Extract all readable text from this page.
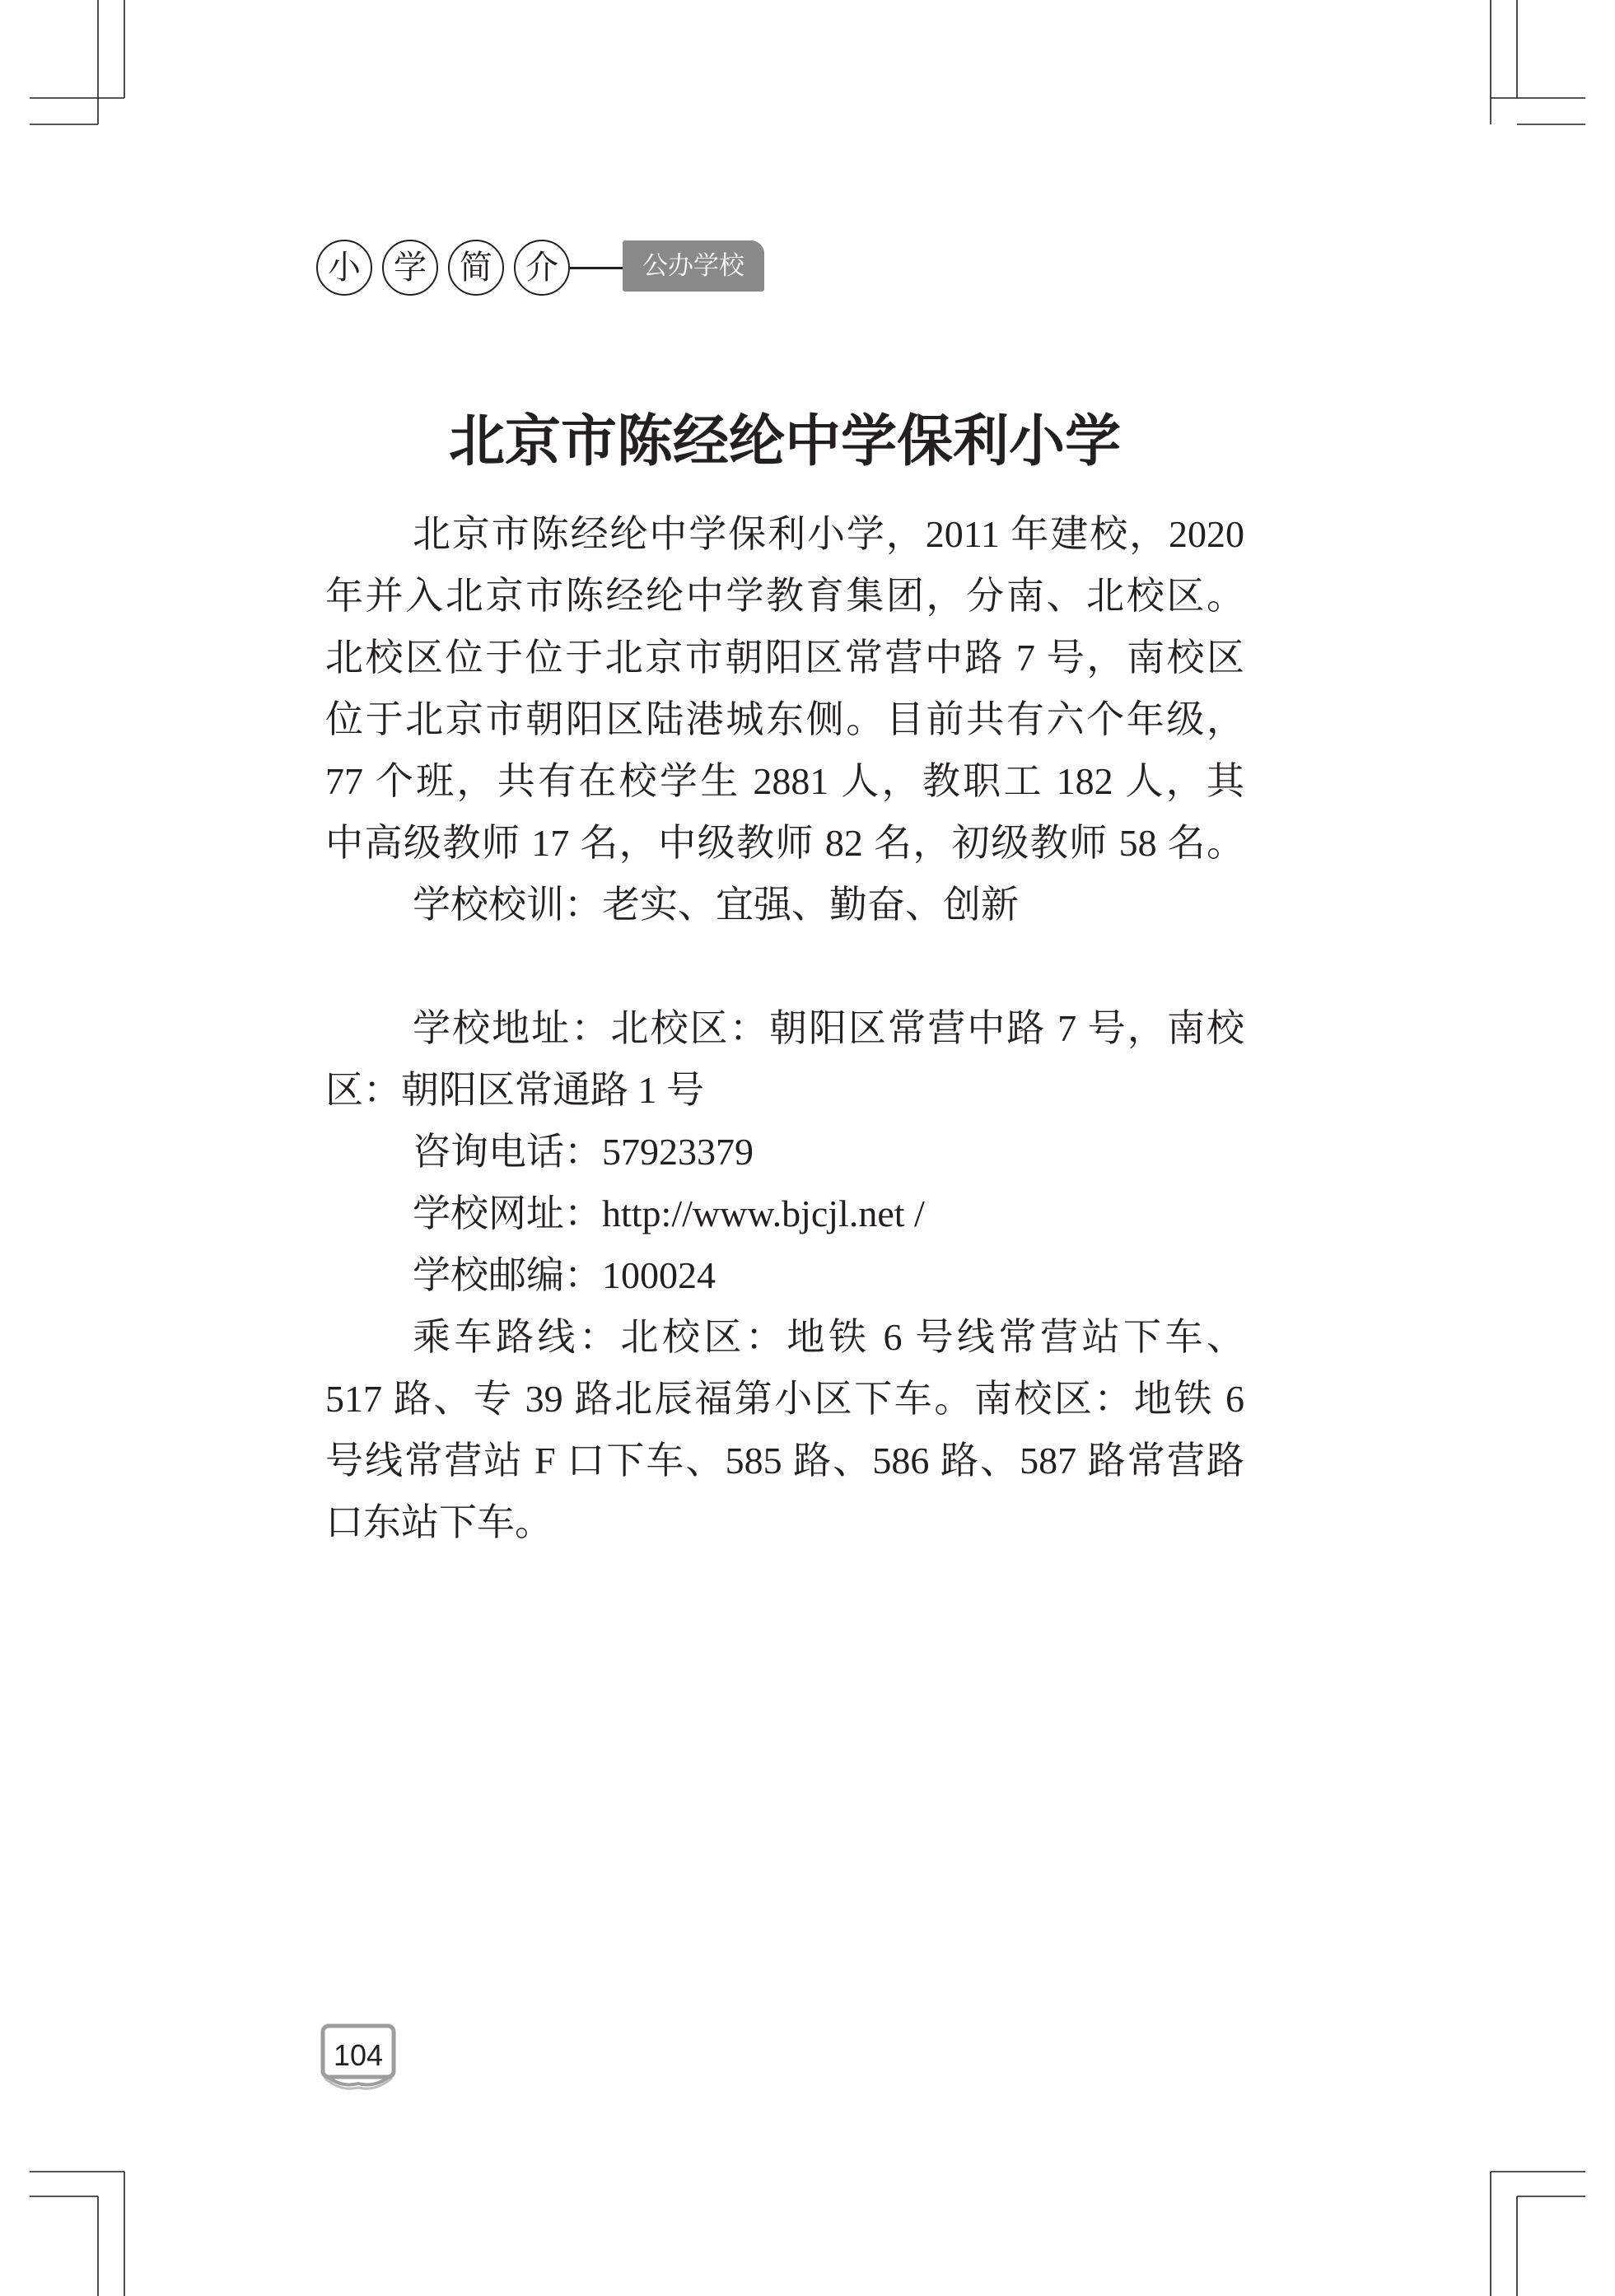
小	学	简	介	公办学校
北京市陈经纶中学保利小学
北京市陈经纶中学保利小学，2011 年建校，2020
年并入北京市陈经纶中学教育集团，分南、北校区。
北校区位于位于北京市朝阳区常营中路 7 号，南校区
位于北京市朝阳区陆港城东侧。目前共有六个年级，
77 个班，共有在校学生 2881 人，教职工 182 人，其
中高级教师 17 名，中级教师 82 名，初级教师 58 名。
学校校训：老实、宜强、勤奋、创新
学校地址：北校区：朝阳区常营中路 7 号，南校
区：朝阳区常通路 1 号
咨询电话：57923379
学校网址：http://www.bjcjl.net /
学校邮编：100024
乘车路线：北校区：地铁 6 号线常营站下车、
517 路、专 39 路北辰福第小区下车。南校区：地铁 6
号线常营站 F 口下车、585 路、586 路、587 路常营路
口东站下车。
104
